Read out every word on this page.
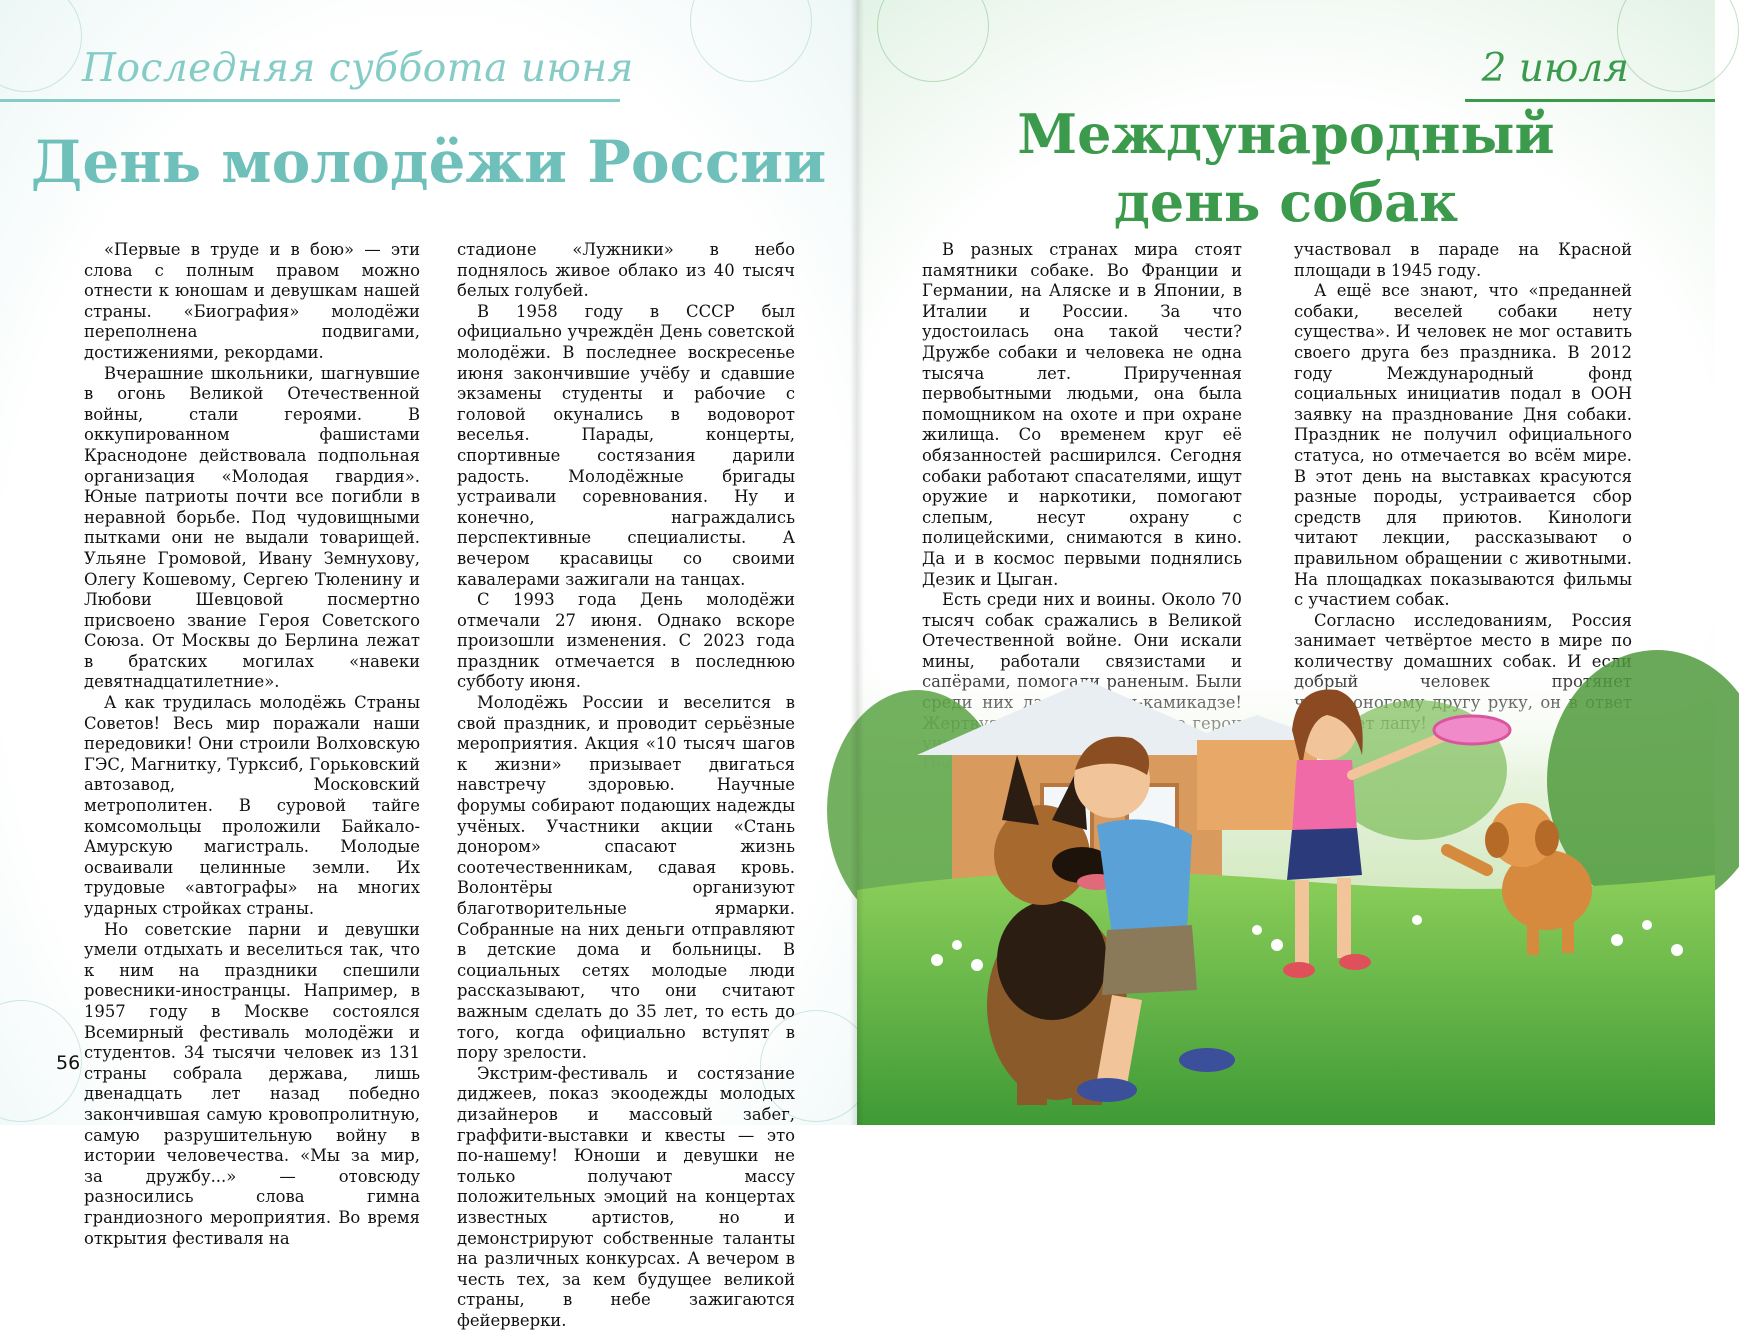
Последняя суббота июня
День молодёжи России

«Первые в труде и в бою» — эти слова с полным правом можно отнести к юношам и девушкам нашей страны. «Биография» молодёжи переполнена подвигами, достижениями, рекордами.

Вчерашние школьники, шагнувшие в огонь Великой Отечественной войны, стали героями. В оккупированном фашистами Краснодоне действовала подпольная организация «Молодая гвардия». Юные патриоты почти все погибли в неравной борьбе. Под чудовищными пытками они не выдали товарищей. Ульяне Громовой, Ивану Земнухову, Олегу Кошевому, Сергею Тюленину и Любови Шевцовой посмертно присвоено звание Героя Советского Союза. От Москвы до Берлина лежат в братских могилах «навеки девятнадцатилетние».

А как трудилась молодёжь Страны Советов! Весь мир поражали наши передовики! Они строили Волховскую ГЭС, Магнитку, Турксиб, Горьковский автозавод, Московский метрополитен. В суровой тайге комсомольцы проложили Байкало-Амурскую магистраль. Молодые осваивали целинные земли. Их трудовые «автографы» на многих ударных стройках страны.

Но советские парни и девушки умели отдыхать и веселиться так, что к ним на праздники спешили ровесники-иностранцы. Например, в 1957 году в Москве состоялся Всемирный фестиваль молодёжи и студентов. 34 тысячи человек из 131 страны собрала держава, лишь двенадцать лет назад победно закончившая самую кровопролитную, самую разрушительную войну в истории человечества. «Мы за мир, за дружбу...» — отовсюду разносились слова гимна грандиозного мероприятия. Во время открытия фестиваля на

стадионе «Лужники» в небо поднялось живое облако из 40 тысяч белых голубей.

В 1958 году в СССР был официально учреждён День советской молодёжи. В последнее воскресенье июня закончившие учёбу и сдавшие экзамены студенты и рабочие с головой окунались в водоворот веселья. Парады, концерты, спортивные состязания дарили радость. Молодёжные бригады устраивали соревнования. Ну и конечно, награждались перспективные специалисты. А вечером красавицы со своими кавалерами зажигали на танцах.

С 1993 года День молодёжи отмечали 27 июня. Однако вскоре произошли изменения. С 2023 года праздник отмечается в последнюю субботу июня.

Молодёжь России и веселится в свой праздник, и проводит серьёзные мероприятия. Акция «10 тысяч шагов к жизни» призывает двигаться навстречу здоровью. Научные форумы собирают подающих надежды учёных. Участники акции «Стань донором» спасают жизнь соотечественникам, сдавая кровь. Волонтёры организуют благотворительные ярмарки. Собранные на них деньги отправляют в детские дома и больницы. В социальных сетях молодые люди рассказывают, что они считают важным сделать до 35 лет, то есть до того, когда официально вступят в пору зрелости.

Экстрим-фестиваль и состязание диджеев, показ экоодежды молодых дизайнеров и массовый забег, граффити-выставки и квесты — это по-нашему! Юноши и девушки не только получают массу положительных эмоций на концертах известных артистов, но и демонстрируют собственные таланты на различных конкурсах. А вечером в честь тех, за кем будущее великой страны, в небе зажигаются фейерверки.

56
2 июля
Международный
день собак

В разных странах мира стоят памятники собаке. Во Франции и Германии, на Аляске и в Японии, в Италии и России. За что удостоилась она такой чести? Дружбе собаки и человека не одна тысяча лет. Прирученная первобытными людьми, она была помощником на охоте и при охране жилища. Со временем круг её обязанностей расширился. Сегодня собаки работают спасателями, ищут оружие и наркотики, помогают слепым, несут охрану с полицейскими, снимаются в кино. Да и в космос первыми поднялись Дезик и Цыган.

Есть среди них и воины. Около 70 тысяч собак сражались в Великой Отечественной войне. Они искали

участвовал в параде на Красной площади в 1945 году.

А ещё все знают, что «преданней собаки, веселей собаки нету существа». И человек не мог оставить своего друга без праздника. В 2012 году Международный фонд социальных инициатив подал в ООН заявку на празднование Дня собаки. Праздник не получил официального статуса, но отмечается во всём мире. В этот день на выставках красуются разные породы, устраивается сбор средств для приютов. Кинологи читают лекции, рассказывают о правильном обращении с животными. На площадках показываются фильмы с участием собак.

Согласно исследованиям, Россия занимает четвёртое место в мире по
